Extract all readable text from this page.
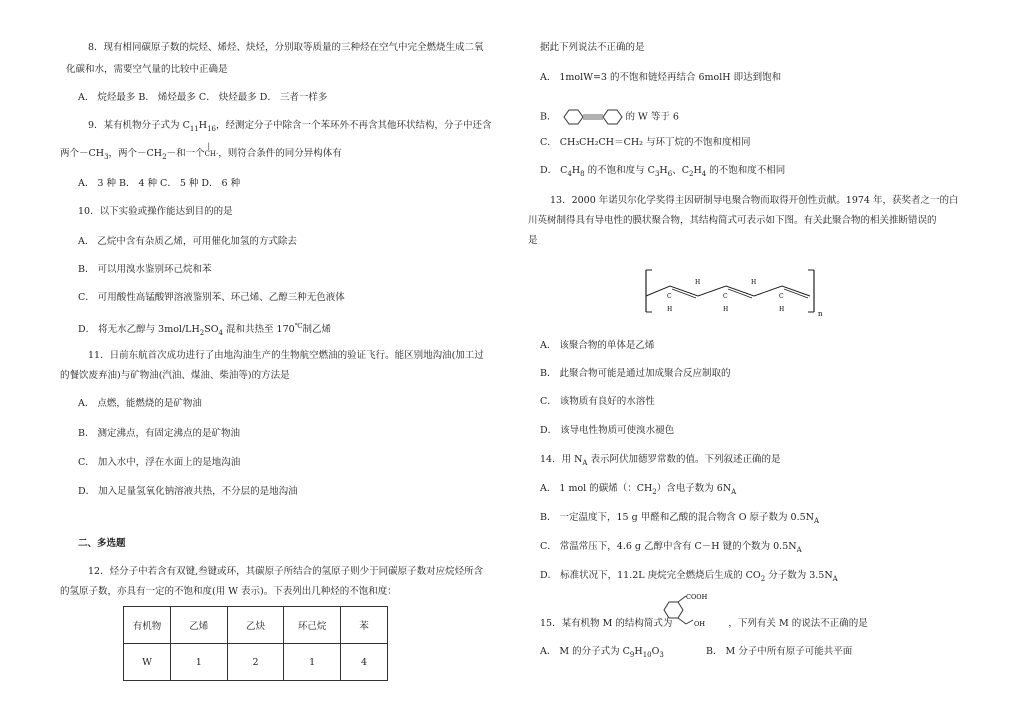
8．现有相同碳原子数的烷烃、烯烃、炔烃，分别取等质量的三种烃在空气中完全燃烧生成二氧
化碳和水，需要空气量的比较中正确是
A． 烷烃最多 B． 烯烃最多 C． 炔烃最多 D． 三者一样多
9．某有机物分子式为 $C_{11}H_{16}$，经测定分子中除含一个苯环外不再含其他环状结构，分子中还含
两个$-CH_3$，两个$-CH_2-$和一个
|
CH·，则符合条件的同分异构体有
A． 3 种 B． 4 种 C． 5 种 D． 6 种
10．以下实验或操作能达到目的的是
A． 乙烷中含有杂质乙烯，可用催化加氢的方式除去
B． 可以用溴水鉴别环己烷和苯
C． 可用酸性高锰酸钾溶液鉴别苯、环己烯、乙醇三种无色液体
D． 将无水乙醇与 $3mol/LH_2SO_4$ 混和共热至 170℃制乙烯
11．日前东航首次成功进行了由地沟油生产的生物航空燃油的验证飞行。能区别地沟油(加工过
的餐饮废弃油)与矿物油(汽油、煤油、柴油等)的方法是
A． 点燃，能燃烧的是矿物油
B． 测定沸点，有固定沸点的是矿物油
C． 加入水中，浮在水面上的是地沟油
D． 加入足量氢氧化钠溶液共热，不分层的是地沟油
二、多选题
12．烃分子中若含有双键,叁键或环，其碳原子所结合的氢原子则少于同碳原子数对应烷烃所含
的氢原子数，亦具有一定的不饱和度(用 W 表示)。下表列出几种烃的不饱和度：
有机物	乙烯	乙炔	环己烷	苯
W	1	2	1	4
据此下列说法不正确的是
A． 1molW=3 的不饱和链烃再结合 6molH 即达到饱和
B．	的 W 等于 6
C． CH₃CH₂CH＝CH₂ 与环丁烷的不饱和度相同
D． $C_4H_8$ 的不饱和度与 $C_3H_6$、$C_2H_4$ 的不饱和度不相同
13．2000 年诺贝尔化学奖得主因研制导电聚合物而取得开创性贡献。1974 年，获奖者之一的白
川英树制得具有导电性的膜状聚合物，其结构简式可表示如下图。有关此聚合物的相关推断错误的
是
C
H
H
C
H
H
C
H
n
A． 该聚合物的单体是乙烯
B． 此聚合物可能是通过加成聚合反应制取的
C． 该物质有良好的水溶性
D． 该导电性物质可使溴水褪色
14．用 $N_A$ 表示阿伏加德罗常数的值。下列叙述正确的是
A． 1 mol 的碳烯（：$CH_2$）含电子数为 $6N_A$
B． 一定温度下，15 g 甲醛和乙酸的混合物含 O 原子数为 $0.5N_A$
C． 常温常压下，4.6 g 乙醇中含有 C－H 键的个数为 $0.5N_A$
D． 标准状况下，11.2L 庚烷完全燃烧后生成的 $CO_2$ 分子数为 $3.5N_A$
15．某有机物 M 的结构简式为	，下列有关 M 的说法不正确的是
COOH
OH
A． M 的分子式为 $C_9H_{10}O_3$	B． M 分子中所有原子可能共平面
